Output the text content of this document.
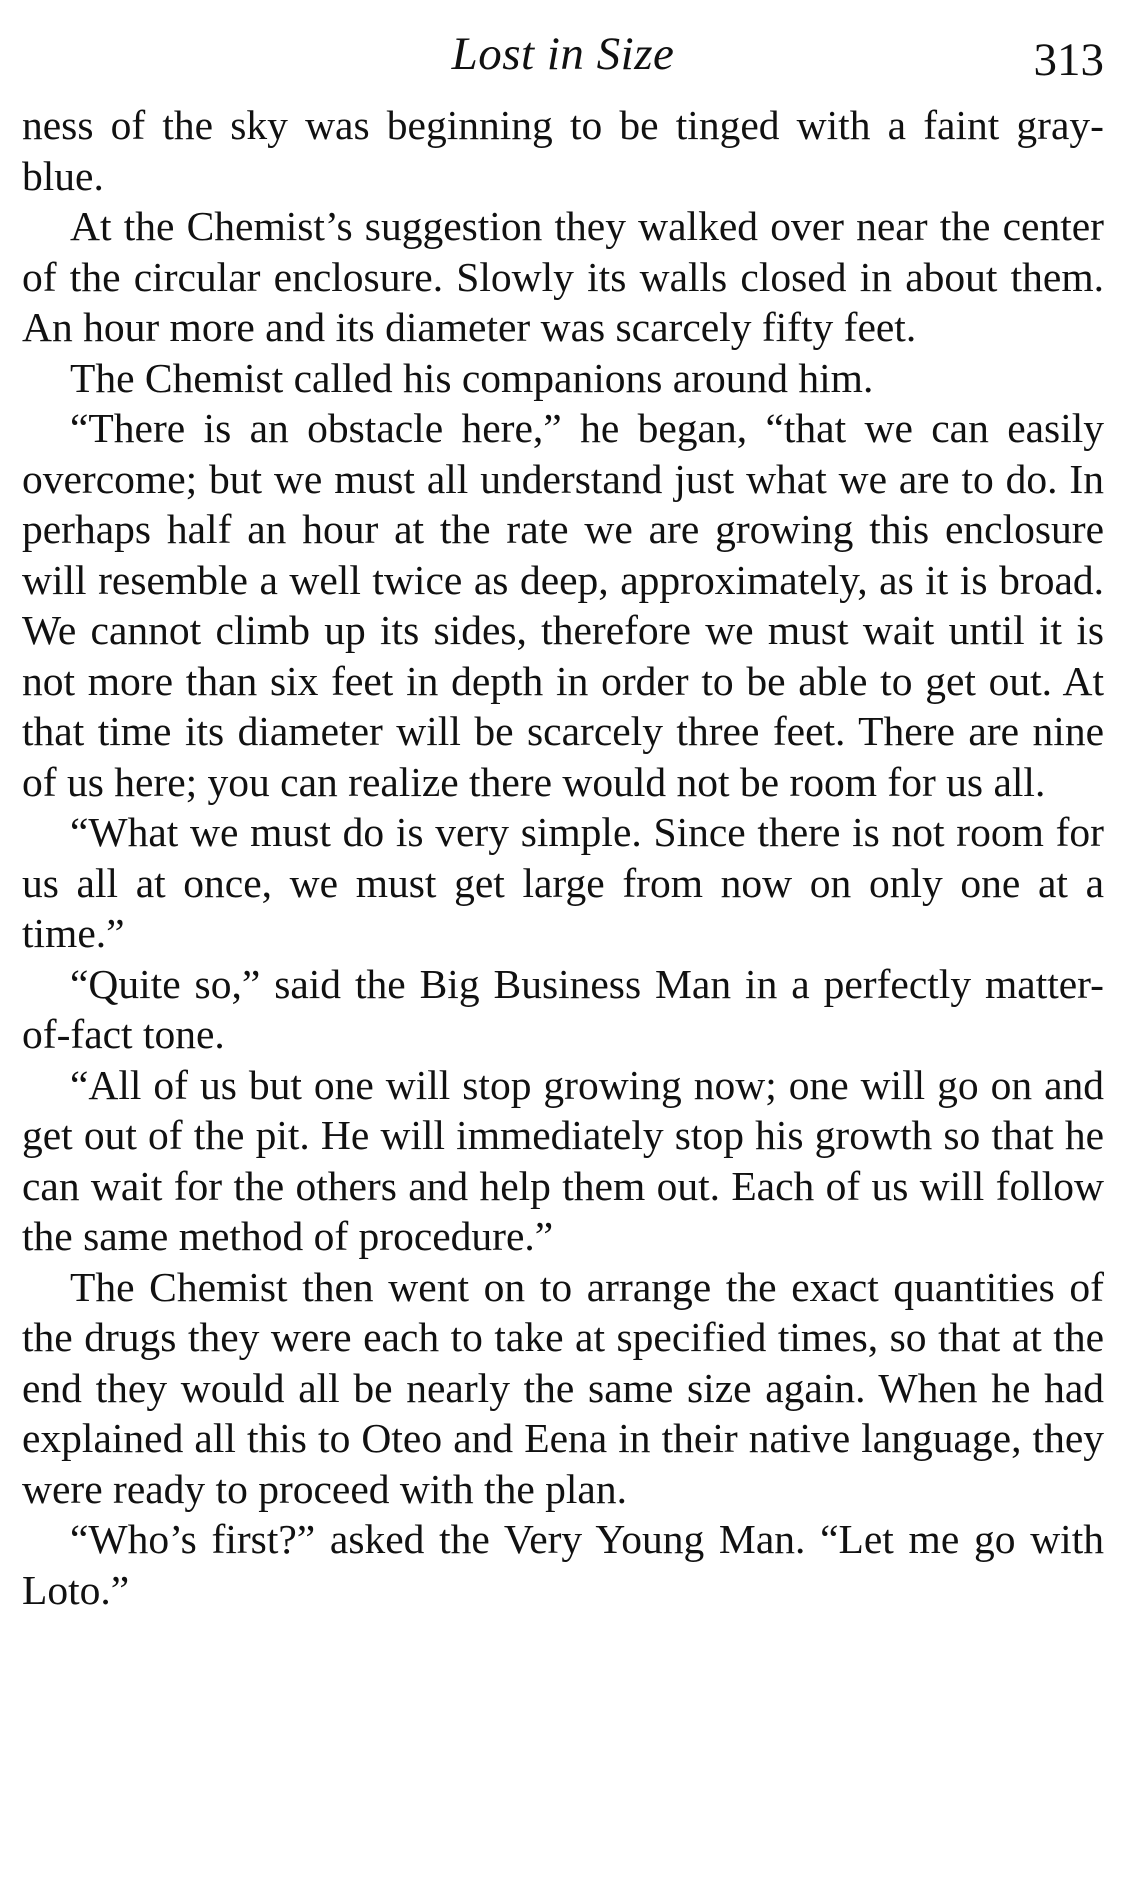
Lost in Size	313

ness of the sky was beginning to be tinged with a faint gray-blue.

At the Chemist’s suggestion they walked over near the center of the circular enclosure. Slowly its walls closed in about them. An hour more and its diameter was scarcely fifty feet.

The Chemist called his companions around him.

“There is an obstacle here,” he began, “that we can easily overcome; but we must all understand just what we are to do. In perhaps half an hour at the rate we are growing this enclosure will resemble a well twice as deep, approximately, as it is broad. We cannot climb up its sides, therefore we must wait until it is not more than six feet in depth in order to be able to get out. At that time its diameter will be scarcely three feet. There are nine of us here; you can realize there would not be room for us all.

“What we must do is very simple. Since there is not room for us all at once, we must get large from now on only one at a time.”

“Quite so,” said the Big Business Man in a perfectly matter-of-fact tone.

“All of us but one will stop growing now; one will go on and get out of the pit. He will immediately stop his growth so that he can wait for the others and help them out. Each of us will follow the same method of procedure.”

The Chemist then went on to arrange the exact quantities of the drugs they were each to take at specified times, so that at the end they would all be nearly the same size again. When he had explained all this to Oteo and Eena in their native language, they were ready to proceed with the plan.

“Who’s first?” asked the Very Young Man. “Let me go with Loto.”
